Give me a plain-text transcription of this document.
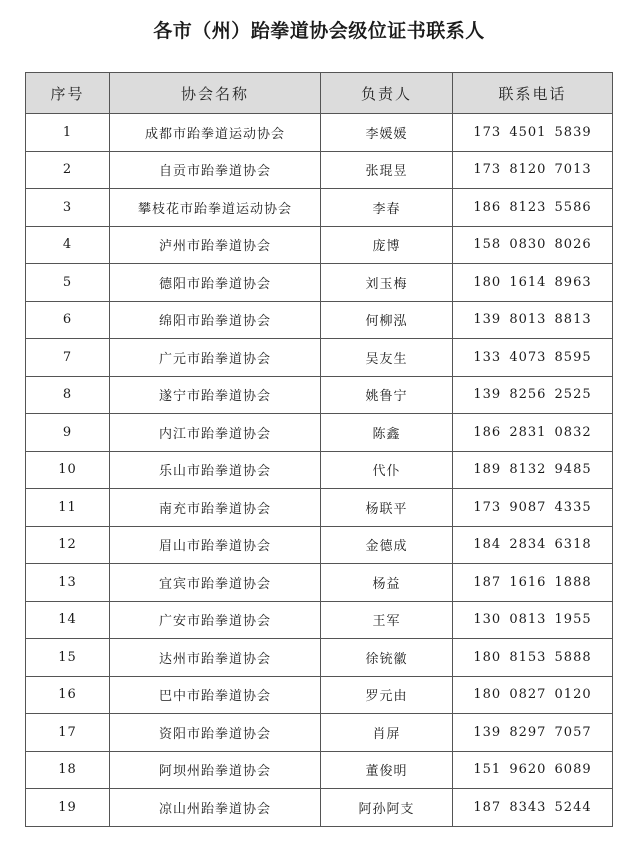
各市（州）跆拳道协会级位证书联系人
序号	协会名称	负责人	联系电话
1	成都市跆拳道运动协会	李媛媛	173 4501 5839
2	自贡市跆拳道协会	张琨昱	173 8120 7013
3	攀枝花市跆拳道运动协会	李春	186 8123 5586
4	泸州市跆拳道协会	庞博	158 0830 8026
5	德阳市跆拳道协会	刘玉梅	180 1614 8963
6	绵阳市跆拳道协会	何柳泓	139 8013 8813
7	广元市跆拳道协会	吴友生	133 4073 8595
8	遂宁市跆拳道协会	姚鲁宁	139 8256 2525
9	内江市跆拳道协会	陈鑫	186 2831 0832
10	乐山市跆拳道协会	代仆	189 8132 9485
11	南充市跆拳道协会	杨联平	173 9087 4335
12	眉山市跆拳道协会	金德成	184 2834 6318
13	宜宾市跆拳道协会	杨益	187 1616 1888
14	广安市跆拳道协会	王军	130 0813 1955
15	达州市跆拳道协会	徐铳徽	180 8153 5888
16	巴中市跆拳道协会	罗元由	180 0827 0120
17	资阳市跆拳道协会	肖屏	139 8297 7057
18	阿坝州跆拳道协会	董俊明	151 9620 6089
19	凉山州跆拳道协会	阿孙阿支	187 8343 5244
